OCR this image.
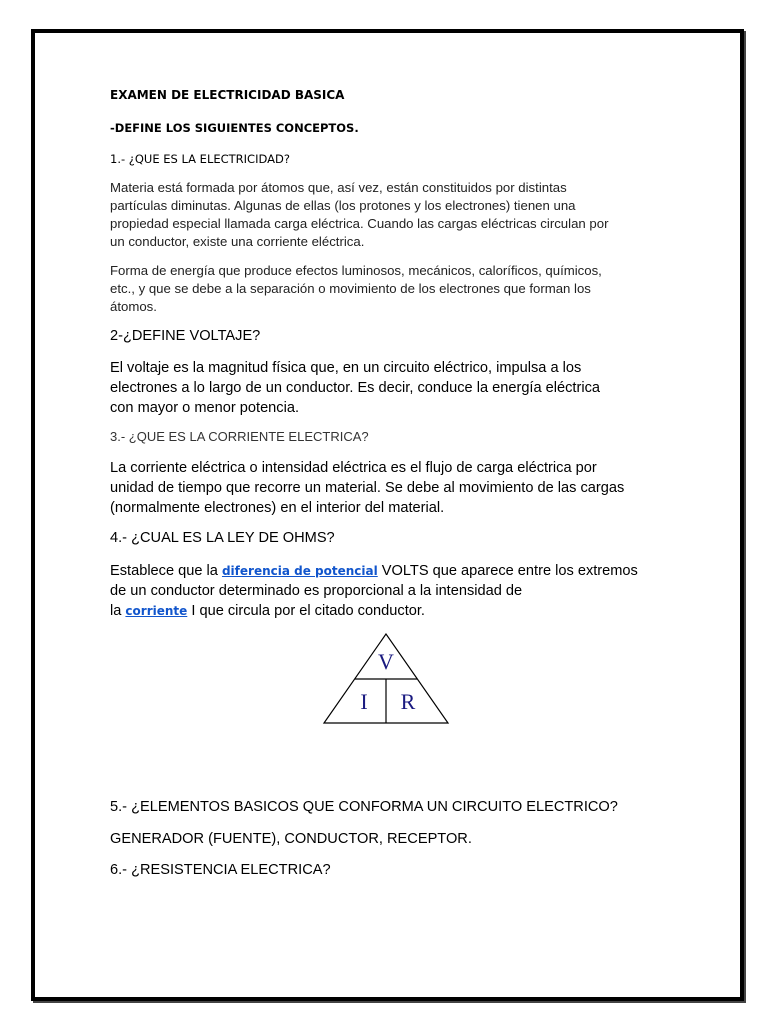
EXAMEN DE ELECTRICIDAD BASICA
-DEFINE LOS SIGUIENTES CONCEPTOS.
1.- ¿QUE ES LA ELECTRICIDAD?
Materia está formada por átomos que, así vez, están constituidos por distintas
partículas diminutas. Algunas de ellas (los protones y los electrones) tienen una
propiedad especial llamada carga eléctrica. Cuando las cargas eléctricas circulan por
un conductor, existe una corriente eléctrica.
Forma de energía que produce efectos luminosos, mecánicos, caloríficos, químicos,
etc., y que se debe a la separación o movimiento de los electrones que forman los
átomos.
2-¿DEFINE VOLTAJE?
El voltaje es la magnitud física que, en un circuito eléctrico, impulsa a los
electrones a lo largo de un conductor. Es decir, conduce la energía eléctrica
con mayor o menor potencia.
3.- ¿QUE ES LA CORRIENTE ELECTRICA?
La corriente eléctrica o intensidad eléctrica es el flujo de carga eléctrica por
unidad de tiempo que recorre un material. Se debe al movimiento de las cargas
(normalmente electrones) en el interior del material.
4.- ¿CUAL ES LA LEY DE OHMS?
Establece que la diferencia de potencial VOLTS que aparece entre los extremos
de un conductor determinado es proporcional a la intensidad de
la corriente I que circula por el citado conductor.
V
I R
5.- ¿ELEMENTOS BASICOS QUE CONFORMA UN CIRCUITO ELECTRICO?
GENERADOR (FUENTE), CONDUCTOR, RECEPTOR.
6.- ¿RESISTENCIA ELECTRICA?
